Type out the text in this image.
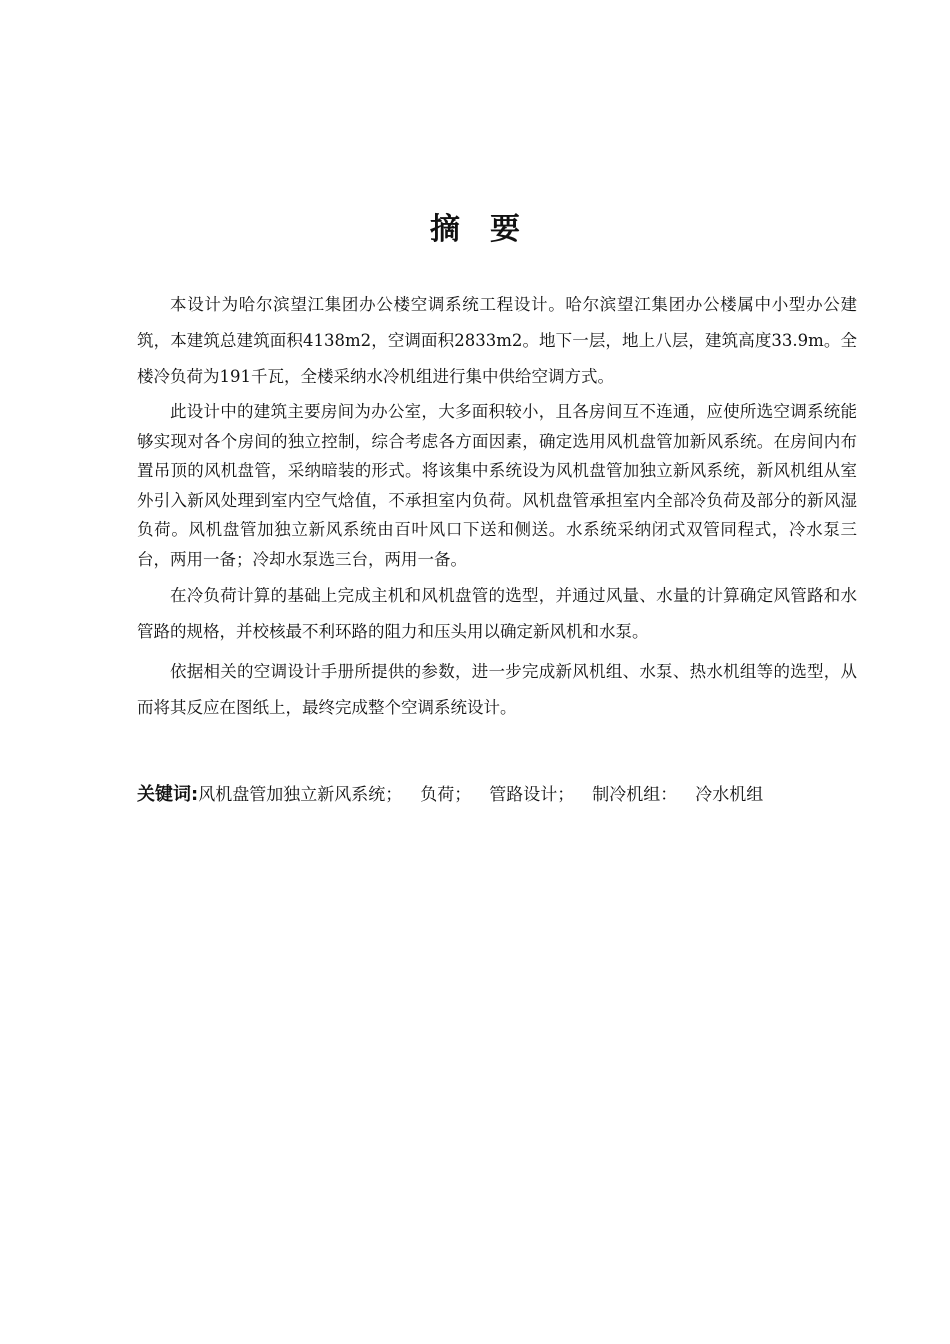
摘要

本设计为哈尔滨望江集团办公楼空调系统工程设计。哈尔滨望江集团办公楼属中小型办公建筑，本建筑总建筑面积4138m2，空调面积2833m2。地下一层，地上八层，建筑高度33.9m。全楼冷负荷为191千瓦，全楼采纳水冷机组进行集中供给空调方式。

此设计中的建筑主要房间为办公室，大多面积较小，且各房间互不连通，应使所选空调系统能够实现对各个房间的独立控制，综合考虑各方面因素，确定选用风机盘管加新风系统。在房间内布置吊顶的风机盘管，采纳暗装的形式。将该集中系统设为风机盘管加独立新风系统，新风机组从室外引入新风处理到室内空气焓值，不承担室内负荷。风机盘管承担室内全部冷负荷及部分的新风湿负荷。风机盘管加独立新风系统由百叶风口下送和侧送。水系统采纳闭式双管同程式，冷水泵三台，两用一备；冷却水泵选三台，两用一备。

在冷负荷计算的基础上完成主机和风机盘管的选型，并通过风量、水量的计算确定风管路和水管路的规格，并校核最不利环路的阻力和压头用以确定新风机和水泵。

依据相关的空调设计手册所提供的参数，进一步完成新风机组、水泵、热水机组等的选型，从而将其反应在图纸上，最终完成整个空调系统设计。

关键词:风机盘管加独立新风系统； 负荷； 管路设计； 制冷机组： 冷水机组
